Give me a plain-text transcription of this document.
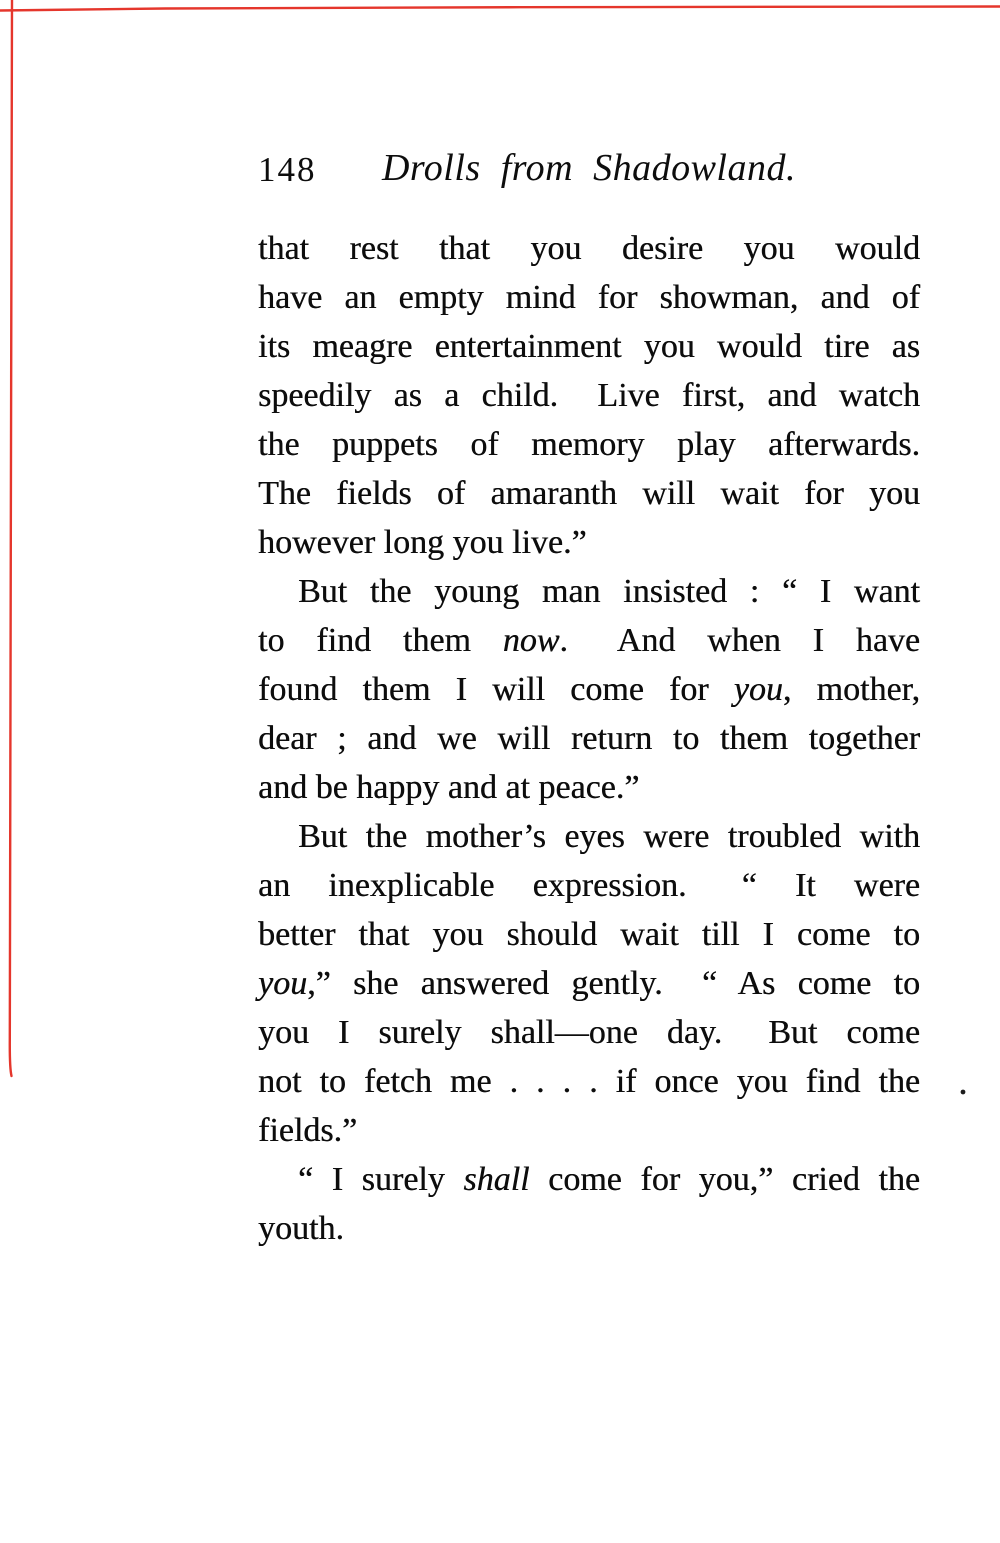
148	Drolls from Shadowland.
that rest that you desire you would
have an empty mind for showman, and of
its meagre entertainment you would tire as
speedily as a child.  Live first, and watch
the puppets of memory play afterwards.
The fields of amaranth will wait for you
however long you live.”
But the young man insisted : “ I want
to find them now.  And when I have
found them I will come for you, mother,
dear ; and we will return to them together
and be happy and at peace.”
But the mother’s eyes were troubled with
an inexplicable expression.  “ It were
better that you should wait till I come to
you,” she answered gently.  “ As come to
you I surely shall—one day.  But come
not to fetch me . . . . if once you find the
fields.”
“ I surely shall come for you,” cried the
youth.
